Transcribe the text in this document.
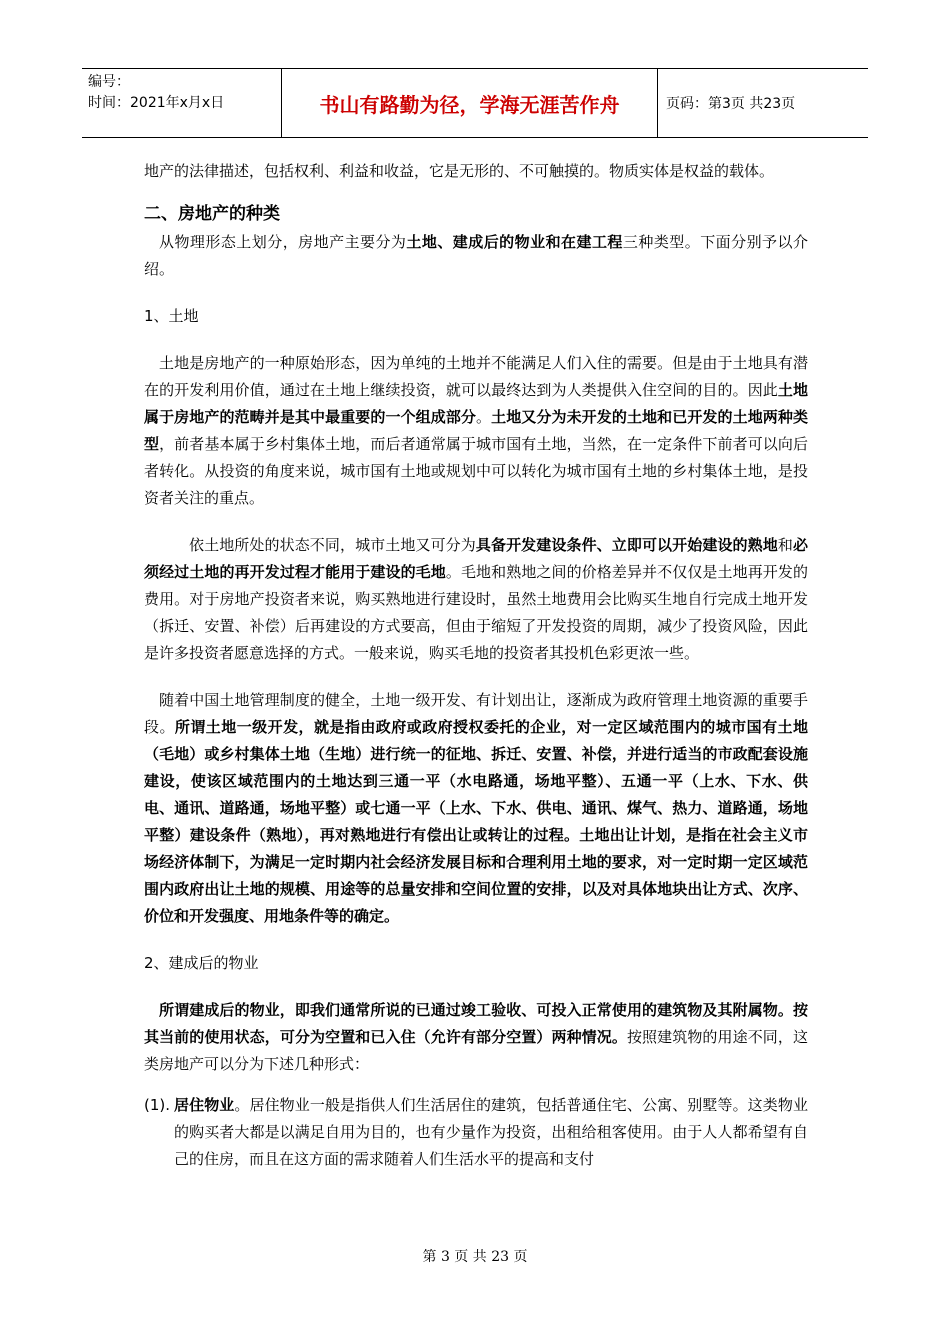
编号：
时间：2021年x月x日	书山有路勤为径，学海无涯苦作舟	页码：第3页 共23页

地产的法律描述，包括权利、利益和收益，它是无形的、不可触摸的。物质实体是权益的载体。

二、房地产的种类

从物理形态上划分，房地产主要分为土地、建成后的物业和在建工程三种类型。下面分别予以介绍。

1、土地

土地是房地产的一种原始形态，因为单纯的土地并不能满足人们入住的需要。但是由于土地具有潜在的开发利用价值，通过在土地上继续投资，就可以最终达到为人类提供入住空间的目的。因此土地属于房地产的范畴并是其中最重要的一个组成部分。土地又分为未开发的土地和已开发的土地两种类型，前者基本属于乡村集体土地，而后者通常属于城市国有土地，当然，在一定条件下前者可以向后者转化。从投资的角度来说，城市国有土地或规划中可以转化为城市国有土地的乡村集体土地，是投资者关注的重点。

依土地所处的状态不同，城市土地又可分为具备开发建设条件、立即可以开始建设的熟地和必须经过土地的再开发过程才能用于建设的毛地。毛地和熟地之间的价格差异并不仅仅是土地再开发的费用。对于房地产投资者来说，购买熟地进行建设时，虽然土地费用会比购买生地自行完成土地开发（拆迁、安置、补偿）后再建设的方式要高，但由于缩短了开发投资的周期，减少了投资风险，因此是许多投资者愿意选择的方式。一般来说，购买毛地的投资者其投机色彩更浓一些。

随着中国土地管理制度的健全，土地一级开发、有计划出让，逐渐成为政府管理土地资源的重要手段。所谓土地一级开发，就是指由政府或政府授权委托的企业，对一定区域范围内的城市国有土地（毛地）或乡村集体土地（生地）进行统一的征地、拆迁、安置、补偿，并进行适当的市政配套设施建设，使该区域范围内的土地达到三通一平（水电路通，场地平整）、五通一平（上水、下水、供电、通讯、道路通，场地平整）或七通一平（上水、下水、供电、通讯、煤气、热力、道路通，场地平整）建设条件（熟地），再对熟地进行有偿出让或转让的过程。土地出让计划，是指在社会主义市场经济体制下，为满足一定时期内社会经济发展目标和合理利用土地的要求，对一定时期一定区域范围内政府出让土地的规模、用途等的总量安排和空间位置的安排，以及对具体地块出让方式、次序、价位和开发强度、用地条件等的确定。

2、建成后的物业

所谓建成后的物业，即我们通常所说的已通过竣工验收、可投入正常使用的建筑物及其附属物。按其当前的使用状态，可分为空置和已入住（允许有部分空置）两种情况。按照建筑物的用途不同，这类房地产可以分为下述几种形式：

(1). 居住物业。居住物业一般是指供人们生活居住的建筑，包括普通住宅、公寓、别墅等。这类物业的购买者大都是以满足自用为目的，也有少量作为投资，出租给租客使用。由于人人都希望有自己的住房，而且在这方面的需求随着人们生活水平的提高和支付

第 3 页 共 23 页
